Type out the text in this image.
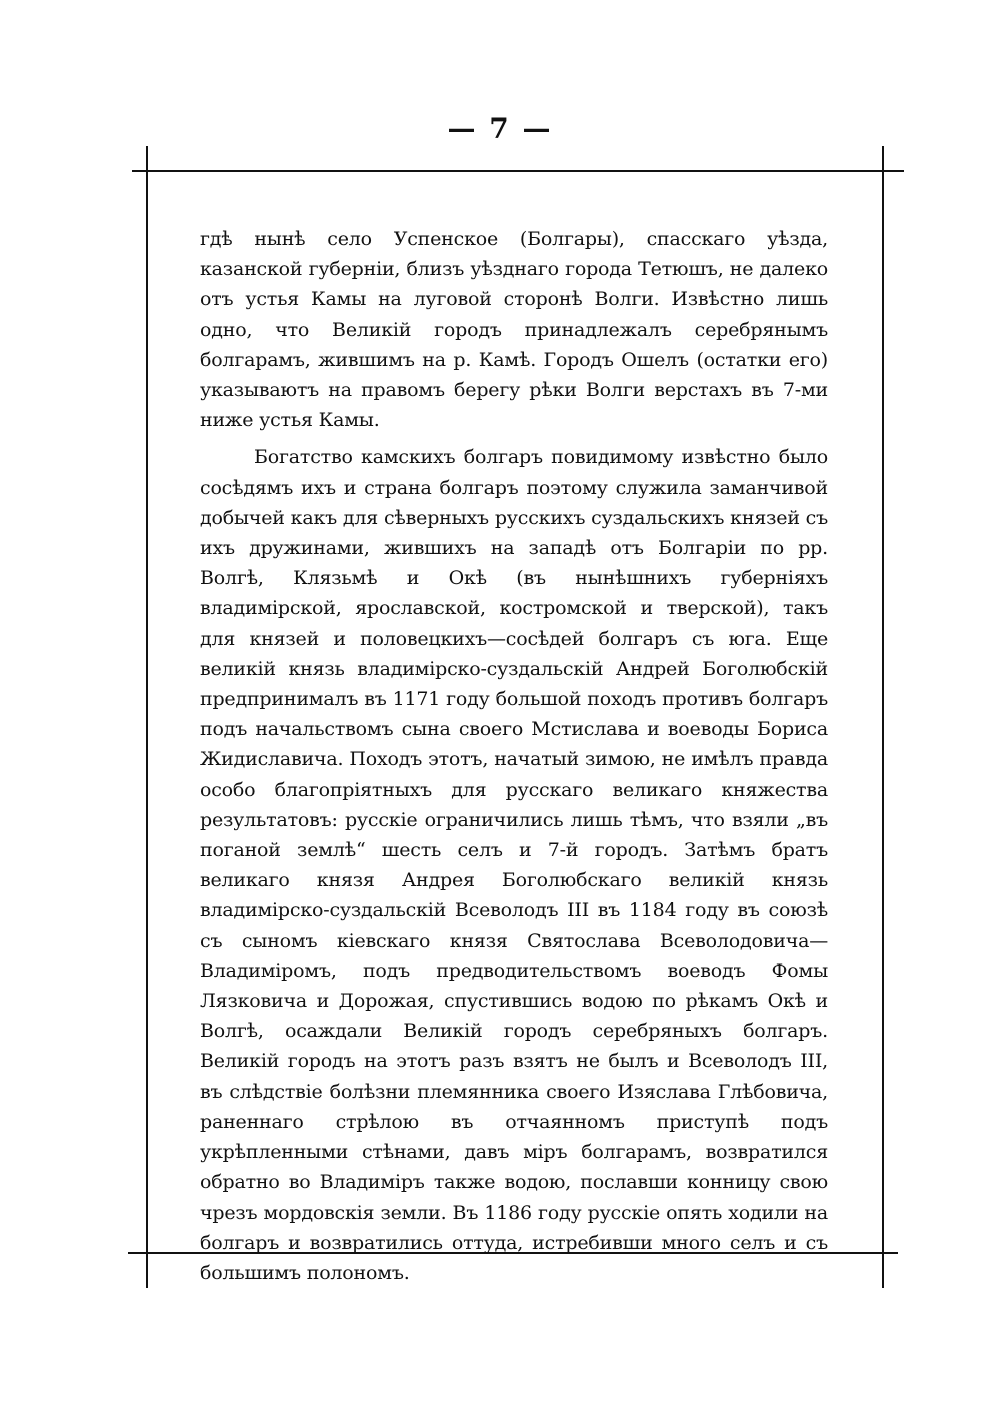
— 7 —

гдѣ нынѣ село Успенское (Болгары), спасскаго уѣзда, казанской губерніи, близъ уѣзднаго города Тетюшъ, не далеко отъ устья Камы на луговой сторонѣ Волги. Извѣстно лишь одно, что Великій городъ принадлежалъ серебрянымъ болгарамъ, жившимъ на р. Камѣ. Городъ Ошелъ (остатки его) указываютъ на правомъ берегу рѣки Волги верстахъ въ 7-ми ниже устья Камы.

Богатство камскихъ болгаръ повидимому извѣстно было сосѣдямъ ихъ и страна болгаръ поэтому служила заманчивой добычей какъ для сѣверныхъ русскихъ суздальскихъ князей съ ихъ дружинами, жившихъ на западѣ отъ Болгаріи по рр. Волгѣ, Клязьмѣ и Окѣ (въ нынѣшнихъ губерніяхъ владимірской, ярославской, костромской и тверской), такъ для князей и половецкихъ—сосѣдей болгаръ съ юга. Еще великій князь владимірско-суздальскій Андрей Боголюбскій предпринималъ въ 1171 году большой походъ противъ болгаръ подъ начальствомъ сына своего Мстислава и воеводы Бориса Жидиславича. Походъ этотъ, начатый зимою, не имѣлъ правда особо благопріятныхъ для русскаго великаго княжества результатовъ: русскіе ограничились лишь тѣмъ, что взяли „въ поганой землѣ“ шесть селъ и 7-й городъ. Затѣмъ братъ великаго князя Андрея Боголюбскаго великій князь владимірско-суздальскій Всеволодъ III въ 1184 году въ союзѣ съ сыномъ кіевскаго князя Святослава Всеволодовича—Владиміромъ, подъ предводительствомъ воеводъ Фомы Лязковича и Дорожая, спустившись водою по рѣкамъ Окѣ и Волгѣ, осаждали Великій городъ серебряныхъ болгаръ. Великій городъ на этотъ разъ взятъ не былъ и Всеволодъ III, въ слѣдствіе болѣзни племянника своего Изяслава Глѣбовича, раненнаго стрѣлою въ отчаянномъ приступѣ подъ укрѣпленными стѣнами, давъ міръ болгарамъ, возвратился обратно во Владиміръ также водою, пославши конницу свою чрезъ мордовскія земли. Въ 1186 году русскіе опять ходили на болгаръ и возвратились оттуда, истребивши много селъ и съ большимъ полономъ.
